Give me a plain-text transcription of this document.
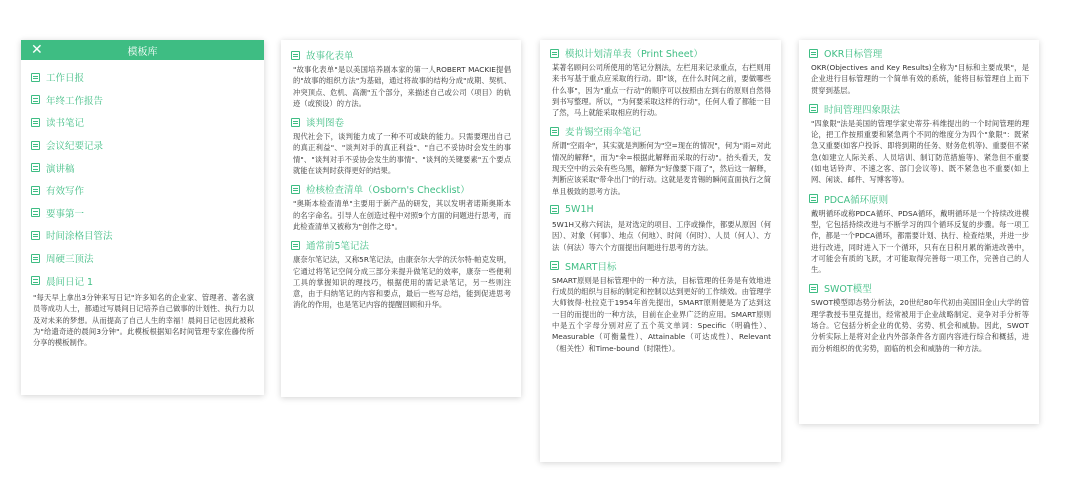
✕	模板库
工作日报
年终工作报告
读书笔记
会议纪要记录
演讲稿
有效写作
要事第一
时间涂格目管法
周硬三顶法
晨间日记 1

"每天早上拿出3分钟来写日记"许多知名的企业家、管理者、著名演员等成功人士，都通过写晨间日记培养自己做事的计划性、执行力以及对未来的梦想。从而提高了自己人生的幸福！晨间日记也因此被称为"给遗奇迹的晨间3分钟"。此模板根据知名时间管理专家佐藤传所分享的模板制作。

故事化表单

"故事化表单"是以美国培养剧本家的第一人ROBERT MACKIE提倡的"故事的组织方法"为基础，通过将故事的结构分成"成期、契机、冲突顶点、危机、高潮"五个部分，来描述自己或公司（项目）的轨迹（或预设）的方法。

谈判图卷

现代社会下，谈判能力成了一种不可或缺的能力。只需要理出自己的真正利益"、"谈判对手的真正利益"、"自己不妥协时会发生的事情"、"谈判对手不妥协会发生的事情"、"谈判的关键要素"五个要点就能在谈判时获得更好的结果。

检核检查清单（Osborn's Checklist）

"奥斯本检查清单"主要用于新产品的研发，其以发明者诺斯奥斯本的名字命名。引导人在创造过程中对照9个方面的问题进行思考，而此检查清单又被称为"创作之母"。

通常前5笔记法

康奈尔笔记法，又称5R笔记法，由康奈尔大学的沃尔特·帕克发明，它通过将笔记空间分成三部分来提升做笔记的效率，康奈一些便利工具的掌握知识的理技巧，根据使用的需记录笔记，另一些则注意，由于归纳笔记的内容和要点，最后一些写总结，能到促进思考消化的作用，也是笔记内容的提醒回顾和升华。

模拟计划清单表（Print Sheet）

某著名顾问公司所使用的笔记分割法，左栏用来记录重点，右栏则用来书写基于重点应采取的行动。即"该，在什么时间之前，要做哪些什么事"，因为"重点一行动"的顺序可以按照由左到右的原则自然得到书写整理。所以，"为何要采取这样的行动"，任何人看了都能一目了然，马上就能采取相应的行动。

麦肯锡空雨伞笔记

所谓"空雨伞"，其实就是判断何为"空=现在的情况"，何为"雨=对此情况的解释"，而为"伞=根据此解释而采取的行动"。抬头看天，发现天空中的云朵有些乌黑，解释为"好像要下雨了"，然后这一解释，判断应该采取"带伞出门"的行动。这就是麦肯锡的瞬间直面执行之简单且极致的思考方法。

5W1H

5W1H又称六何法，是对选定的项目、工序或操作，都要从原因（何因）、对象（何事）、地点（何地）、时间（何时）、人员（何人）、方法（何法）等六个方面提出问题进行思考的方法。

SMART目标

SMART原则是目标管理中的一种方法，目标管理的任务是有效地进行成员的组织与目标的制定和控制以达到更好的工作绩效。由管理学大师彼得·杜拉克于1954年首先提出，SMART原则便是为了达到这一目的而提出的一种方法，目前在企业界广泛的应用。SMART原则中是五个字母分别对应了五个英文单词：Specific（明确性）、Measurable（可衡量性）、Attainable（可达成性）、Relevant（相关性）和Time-bound（时限性）。

OKR目标管理

OKR(Objectives and Key Results)全称为"目标和主要成果"，是企业进行目标管理的一个简单有效的系统，能将目标管理自上而下贯穿到基层。

时间管理四象限法

"四象限"法是美国的管理学家史蒂芬·科维提出的一个时间管理的理论，把工作按照重要和紧急两个不同的维度分为四个"象限"：既紧急又重要(如客户投诉、即将到期的任务、财务危机等)、重要但不紧急(如建立人际关系、人员培训、制订防范措施等)、紧急但不重要(如电话铃声、不速之客、部门会议等)、既不紧急也不重要(如上网、闲谈、邮件、写博客等)。

PDCA循环原则

戴明循环或称PDCA循环、PDSA循环，戴明循环是一个持续改进模型，它包括持续改进与不断学习的四个循环反复的步骤。每一项工作，都是一个PDCA循环，都需要计划、执行、检查结果，并进一步进行改进，同时进入下一个循环，只有在日积月累的渐进改善中，才可能会有质的飞跃，才可能取得完善每一项工作，完善自己的人生。

SWOT模型

SWOT模型即态势分析法，20世纪80年代初由美国旧金山大学的管理学教授韦里克提出，经常被用于企业战略制定、竞争对手分析等场合。它包括分析企业的优势、劣势、机会和威胁。因此，SWOT分析实际上是将对企业内外部条件各方面内容进行综合和概括，进而分析组织的优劣势，面临的机会和威胁的一种方法。
